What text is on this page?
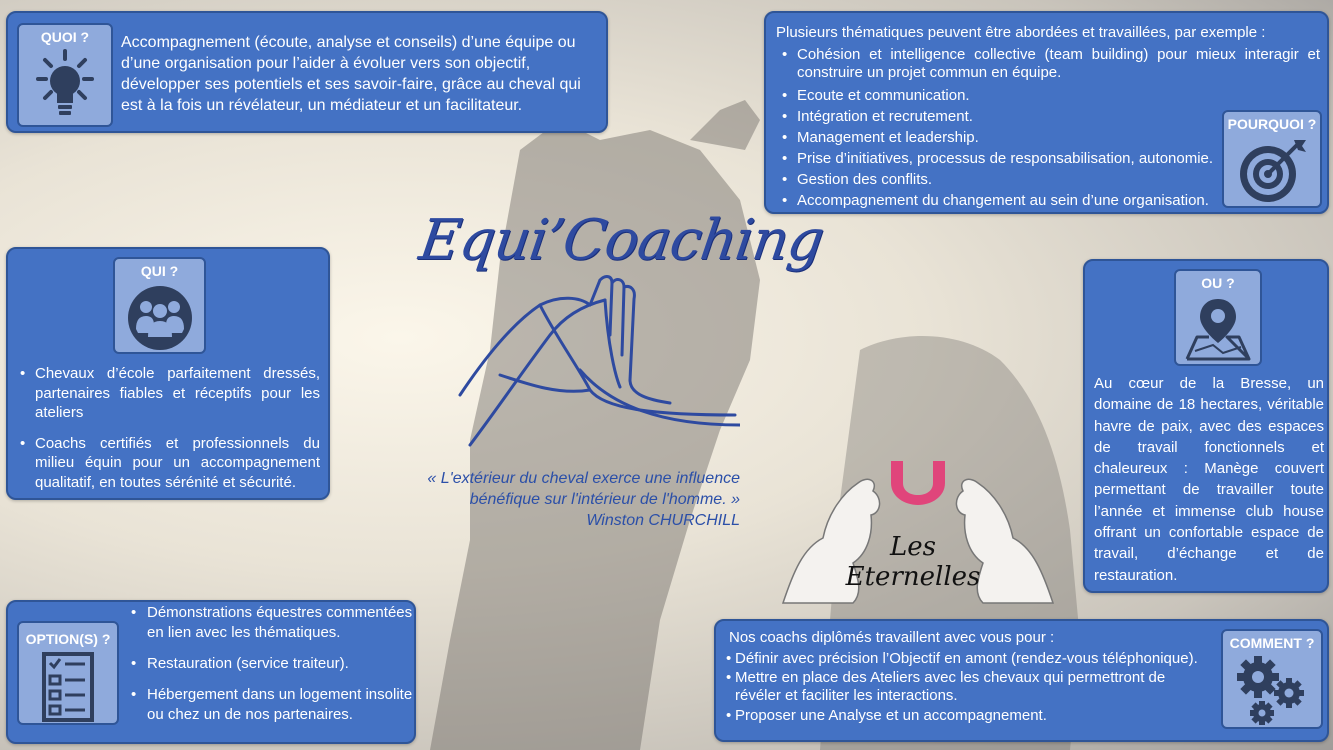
QUOI ?	Accompagnement (écoute, analyse et conseils) d’une équipe ou d’une organisation pour l’aider à évoluer vers son objectif, développer ses potentiels et ses savoir-faire, grâce au cheval qui est à la fois un révélateur, un médiateur et un facilitateur.
Plusieurs thématiques peuvent être abordées et travaillées, par exemple :
• Cohésion et intelligence collective (team building) pour mieux interagir et construire un projet commun en équipe.
• Ecoute et communication.
• Intégration et recrutement.
• Management et leadership.
• Prise d’initiatives, processus de responsabilisation, autonomie.
• Gestion des conflits.
• Accompagnement du changement au sein d’une organisation.
POURQUOI ?
QUI ?
• Chevaux d’école parfaitement dressés, partenaires fiables et réceptifs pour les ateliers
• Coachs certifiés et professionnels du milieu équin pour un accompagnement qualitatif, en toutes sérénité et sécurité.
OU ?
Au cœur de la Bresse, un domaine de 18 hectares, véritable havre de paix, avec des espaces de travail fonctionnels et chaleureux : Manège couvert permettant de travailler toute l’année et immense club house offrant un confortable espace de travail, d’échange et de restauration.
OPTION(S) ?
• Démonstrations équestres commentées en lien avec les thématiques.
• Restauration (service traiteur).
• Hébergement dans un logement insolite ou chez un de nos partenaires.
Nos coachs diplômés travaillent avec vous pour :
• Définir avec précision l’Objectif en amont (rendez-vous téléphonique).
• Mettre en place des Ateliers avec les chevaux qui permettront de révéler et faciliter les interactions.
• Proposer une Analyse et un accompagnement.
COMMENT ?
Equi’Coaching
« L'extérieur du cheval exerce une influence
bénéfique sur l'intérieur de l'homme. »
Winston CHURCHILL
Les
Eternelles
